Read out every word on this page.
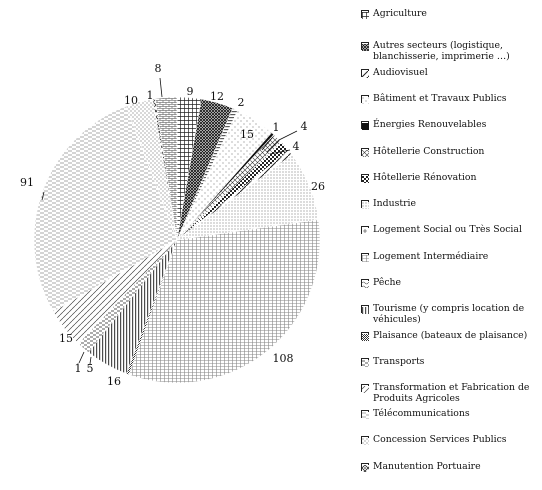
9 12
15
1 4
4
26
108
16
1 5
15
91
10 1
8
2
Agriculture
Autres secteurs (logistique, blanchisserie, imprimerie …)
Audiovisuel
Bâtiment et Travaux Publics
Énergies Renouvelables
Hôtellerie Construction
Hôtellerie Rénovation
Industrie
Logement Social ou Très Social
Logement Intermédiaire
Pêche
Tourisme (y compris location de véhicules)
Plaisance (bateaux de plaisance)
Transports
Transformation et Fabrication de Produits Agricoles
Télécommunications
Concession Services Publics
Manutention Portuaire
